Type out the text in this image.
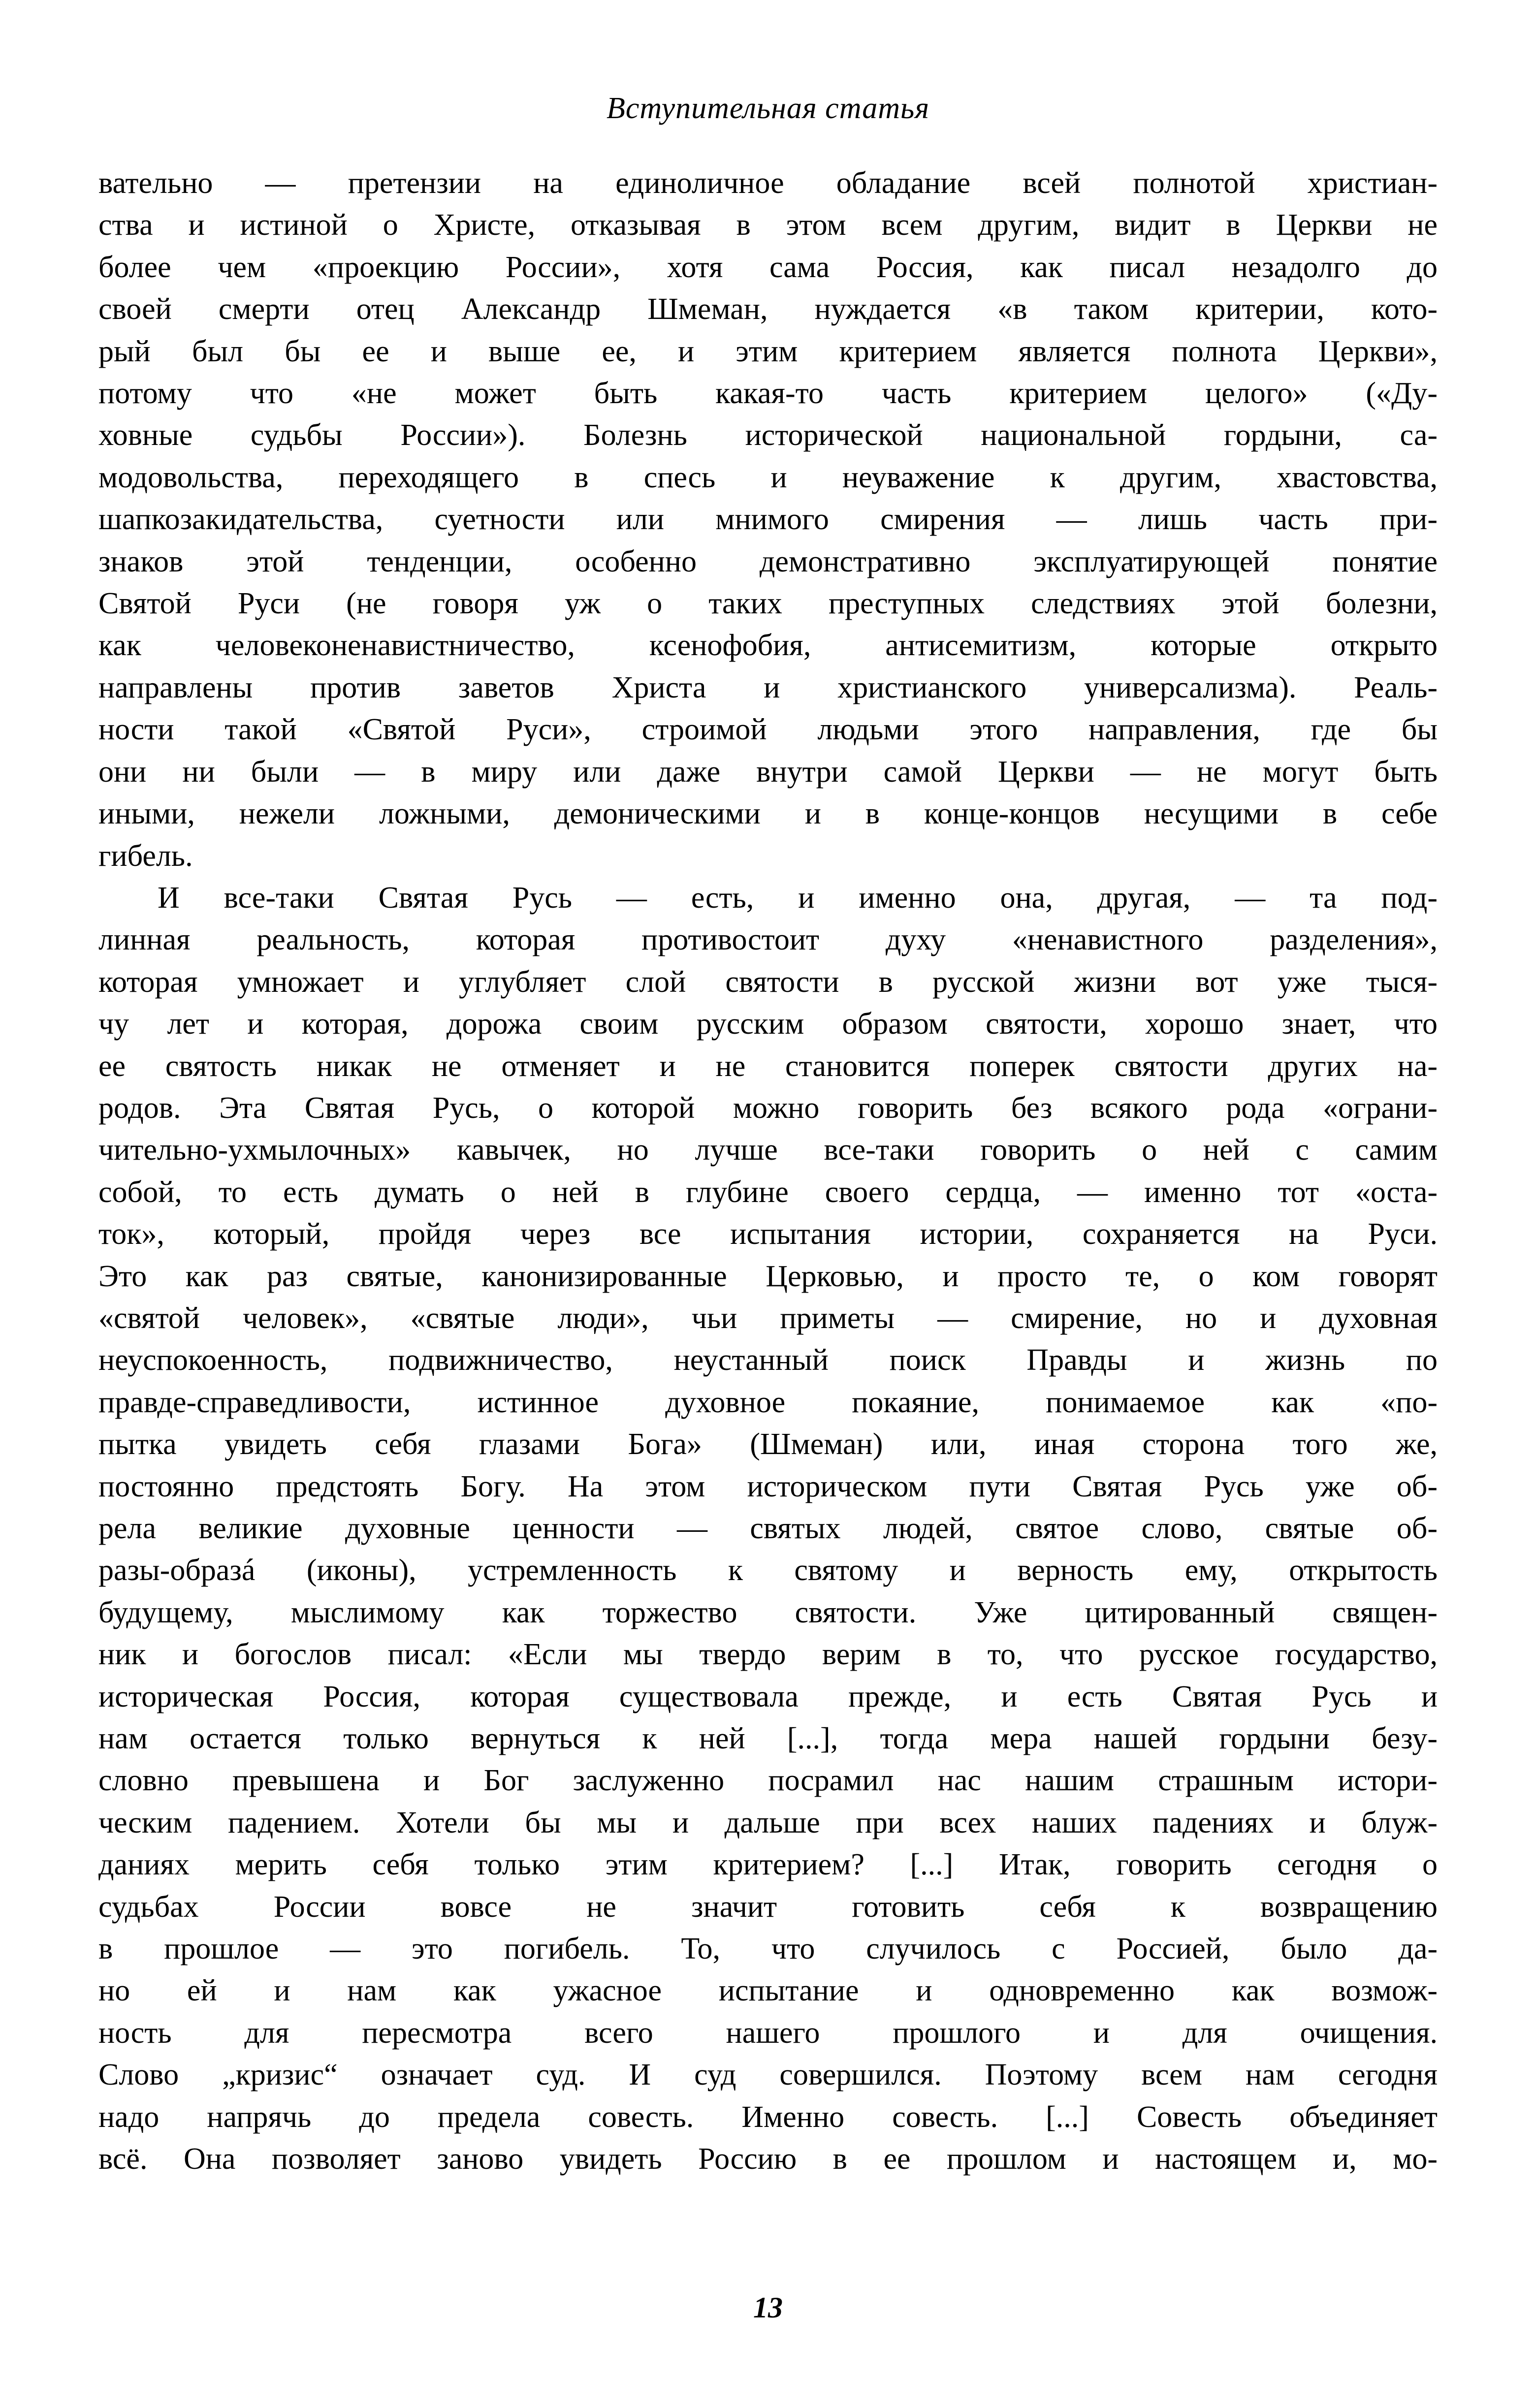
Вступительная статья

вательно — претензии на единоличное обладание всей полнотой христиан-
ства и истиной о Христе, отказывая в этом всем другим, видит в Церкви не
более чем «проекцию России», хотя сама Россия, как писал незадолго до
своей смерти отец Александр Шмеман, нуждается «в таком критерии, кото-
рый был бы ее и выше ее, и этим критерием является полнота Церкви»,
потому что «не может быть какая-то часть критерием целого» («Ду-
ховные судьбы России»). Болезнь исторической национальной гордыни, са-
модовольства, переходящего в спесь и неуважение к другим, хвастовства,
шапкозакидательства, суетности или мнимого смирения — лишь часть при-
знаков этой тенденции, особенно демонстративно эксплуатирующей понятие
Святой Руси (не говоря уж о таких преступных следствиях этой болезни,
как человеконенавистничество, ксенофобия, антисемитизм, которые открыто
направлены против заветов Христа и христианского универсализма). Реаль-
ности такой «Святой Руси», строимой людьми этого направления, где бы
они ни были — в миру или даже внутри самой Церкви — не могут быть
иными, нежели ложными, демоническими и в конце-концов несущими в себе
гибель.

И все-таки Святая Русь — есть, и именно она, другая, — та под-
линная реальность, которая противостоит духу «ненавистного разделения»,
которая умножает и углубляет слой святости в русской жизни вот уже тыся-
чу лет и которая, дорожа своим русским образом святости, хорошо знает, что
ее святость никак не отменяет и не становится поперек святости других на-
родов. Эта Святая Русь, о которой можно говорить без всякого рода «ограни-
чительно-ухмылочных» кавычек, но лучше все-таки говорить о ней с самим
собой, то есть думать о ней в глубине своего сердца, — именно тот «оста-
ток», который, пройдя через все испытания истории, сохраняется на Руси.
Это как раз святые, канонизированные Церковью, и просто те, о ком говорят
«святой человек», «святые люди», чьи приметы — смирение, но и духовная
неуспокоенность, подвижничество, неустанный поиск Правды и жизнь по
правде-справедливости, истинное духовное покаяние, понимаемое как «по-
пытка увидеть себя глазами Бога» (Шмеман) или, иная сторона того же,
постоянно предстоять Богу. На этом историческом пути Святая Русь уже об-
рела великие духовные ценности — святых людей, святое слово, святые об-
разы-образá (иконы), устремленность к святому и верность ему, открытость
будущему, мыслимому как торжество святости. Уже цитированный священ-
ник и богослов писал: «Если мы твердо верим в то, что русское государство,
историческая Россия, которая существовала прежде, и есть Святая Русь и
нам остается только вернуться к ней [...], тогда мера нашей гордыни безу-
словно превышена и Бог заслуженно посрамил нас нашим страшным истори-
ческим падением. Хотели бы мы и дальше при всех наших падениях и блуж-
даниях мерить себя только этим критерием? [...] Итак, говорить сегодня о
судьбах России вовсе не значит готовить себя к возвращению
в прошлое — это погибель. То, что случилось с Россией, было да-
но ей и нам как ужасное испытание и одновременно как возмож-
ность для пересмотра всего нашего прошлого и для очищения.
Слово „кризис“ означает суд. И суд совершился. Поэтому всем нам сегодня
надо напрячь до предела совесть. Именно совесть. [...] Совесть объединяет
всё. Она позволяет заново увидеть Россию в ее прошлом и настоящем и, мо-

13
